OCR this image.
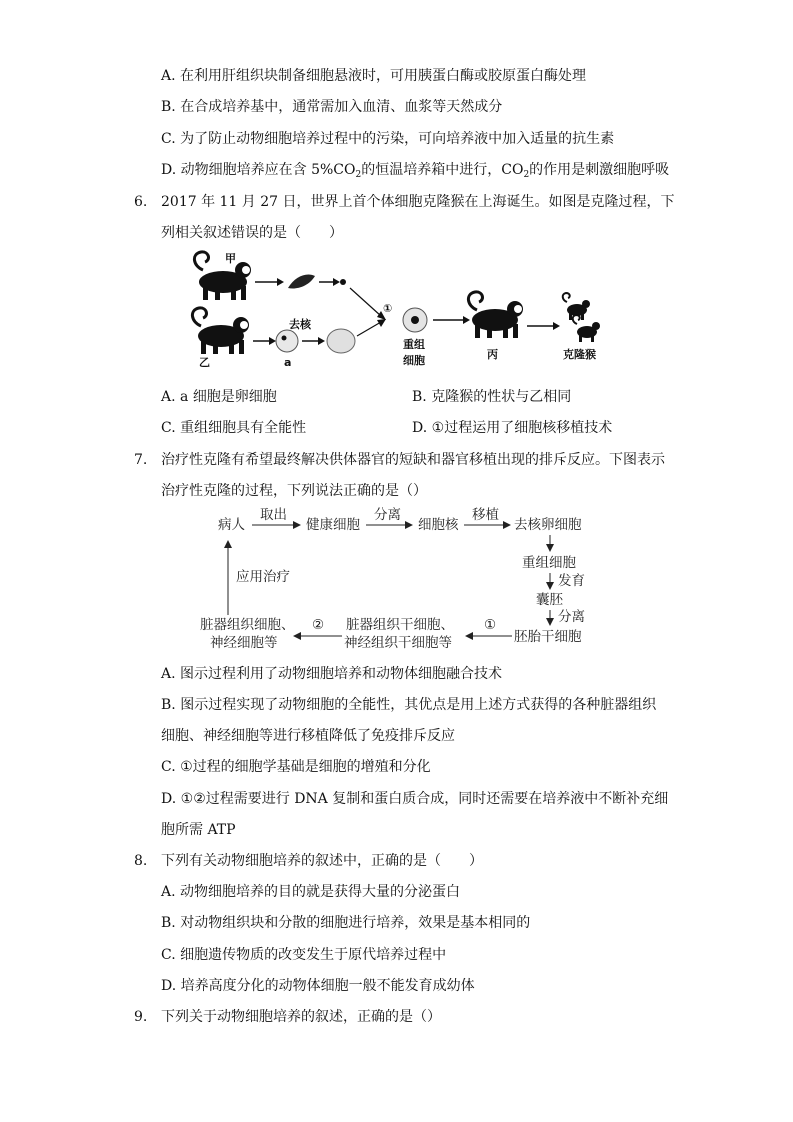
A. 在利用肝组织块制备细胞悬液时，可用胰蛋白酶或胶原蛋白酶处理
B. 在合成培养基中，通常需加入血清、血浆等天然成分
C. 为了防止动物细胞培养过程中的污染，可向培养液中加入适量的抗生素
D. 动物细胞培养应在含 $5\%CO_2$的恒温培养箱中进行，$CO_2$的作用是刺激细胞呼吸
6. 2017 年 11 月 27 日，世界上首个体细胞克隆猴在上海诞生。如图是克隆过程，下
列相关叙述错误的是（　　）
甲
乙	a
去核
①
重组
细胞	丙	克隆猴
A. a 细胞是卵细胞	B. 克隆猴的性状与乙相同
C. 重组细胞具有全能性	D. ①过程运用了细胞核移植技术
7. 治疗性克隆有希望最终解决供体器官的短缺和器官移植出现的排斥反应。下图表示
治疗性克隆的过程，下列说法正确的是（）
病人
取出
健康细胞
分离
细胞核
移植
去核卵细胞
重组细胞
发育
囊胚
分离
胚胎干细胞
①
脏器组织干细胞、
神经组织干细胞等
②
脏器组织细胞、
神经细胞等
应用治疗
A. 图示过程利用了动物细胞培养和动物体细胞融合技术
B. 图示过程实现了动物细胞的全能性，其优点是用上述方式获得的各种脏器组织
细胞、神经细胞等进行移植降低了免疫排斥反应
C. ①过程的细胞学基础是细胞的增殖和分化
D. ①②过程需要进行 DNA 复制和蛋白质合成，同时还需要在培养液中不断补充细
胞所需 ATP
8. 下列有关动物细胞培养的叙述中，正确的是（　　）
A. 动物细胞培养的目的就是获得大量的分泌蛋白
B. 对动物组织块和分散的细胞进行培养，效果是基本相同的
C. 细胞遗传物质的改变发生于原代培养过程中
D. 培养高度分化的动物体细胞一般不能发育成幼体
9. 下列关于动物细胞培养的叙述，正确的是（）
